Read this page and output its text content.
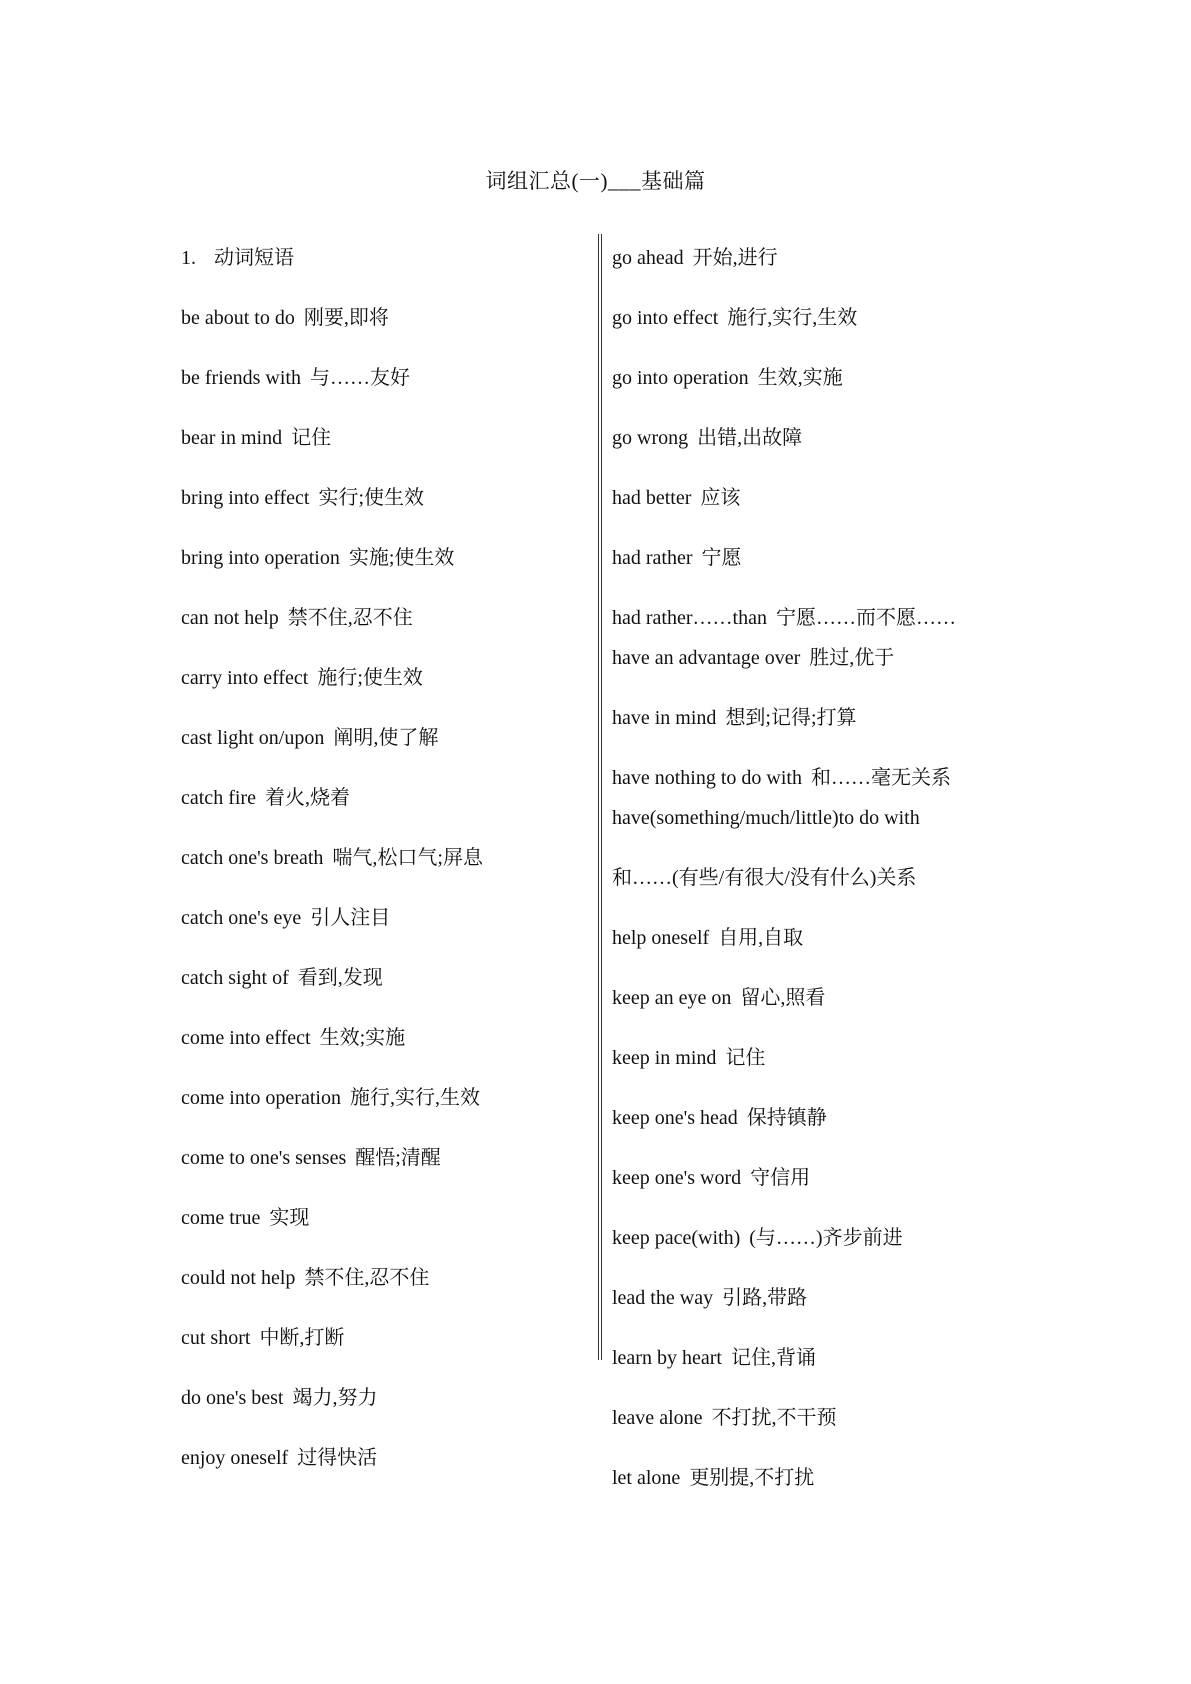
词组汇总(一)___基础篇
1. 动词短语
be about to do 刚要,即将
be friends with 与……友好
bear in mind 记住
bring into effect 实行;使生效
bring into operation 实施;使生效
can not help 禁不住,忍不住
carry into effect 施行;使生效
cast light on/upon 阐明,使了解
catch fire 着火,烧着
catch one's breath 喘气,松口气;屏息
catch one's eye 引人注目
catch sight of 看到,发现
come into effect 生效;实施
come into operation 施行,实行,生效
come to one's senses 醒悟;清醒
come true 实现
could not help 禁不住,忍不住
cut short 中断,打断
do one's best 竭力,努力
enjoy oneself 过得快活
go ahead 开始,进行
go into effect 施行,实行,生效
go into operation 生效,实施
go wrong 出错,出故障
had better 应该
had rather 宁愿
had rather……than 宁愿……而不愿……
have an advantage over 胜过,优于
have in mind 想到;记得;打算
have nothing to do with 和……毫无关系
have(something/much/little)to do with
和……(有些/有很大/没有什么)关系
help oneself 自用,自取
keep an eye on 留心,照看
keep in mind 记住
keep one's head 保持镇静
keep one's word 守信用
keep pace(with) (与……)齐步前进
lead the way 引路,带路
learn by heart 记住,背诵
leave alone 不打扰,不干预
let alone 更别提,不打扰
